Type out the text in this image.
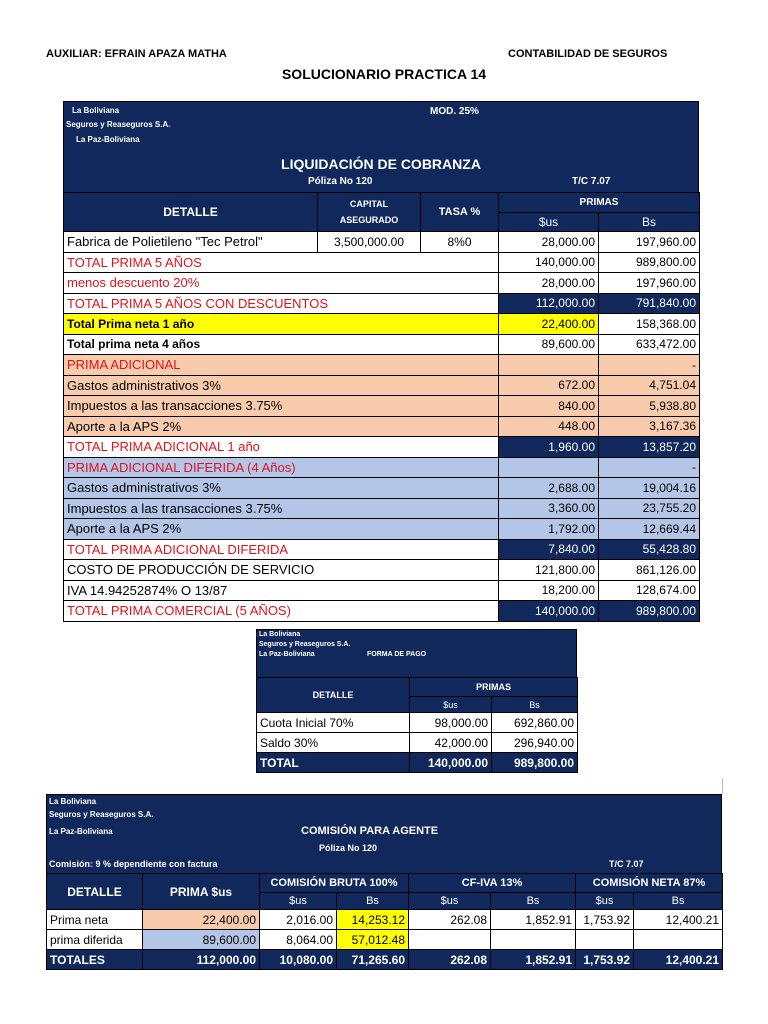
AUXILIAR: EFRAIN APAZA MATHA	CONTABILIDAD DE SEGUROS
SOLUCIONARIO PRACTICA 14
La Boliviana
Seguros y Reaseguros S.A.
La Paz-Boliviana
MOD. 25%
LIQUIDACIÓN DE COBRANZA
Póliza No 120	T/C 7.07
DETALLE	CAPITAL ASEGURADO	TASA %	PRIMAS	
			$us	Bs
Fabrica de Polietileno "Tec Petrol"	3,500,000.00	8%0	28,000.00	197,960.00
TOTAL PRIMA 5 AÑOS			140,000.00	989,800.00
menos descuento 20%			28,000.00	197,960.00
TOTAL PRIMA 5 AÑOS CON DESCUENTOS			112,000.00	791,840.00
Total Prima neta 1 año			22,400.00	158,368.00
Total prima neta 4 años			89,600.00	633,472.00
PRIMA ADICIONAL				-
Gastos administrativos 3%			672.00	4,751.04
Impuestos a las transacciones 3.75%			840.00	5,938.80
Aporte a la APS 2%			448.00	3,167.36
TOTAL PRIMA ADICIONAL 1 año			1,960.00	13,857.20
PRIMA ADICIONAL DIFERIDA (4 Años)				-
Gastos administrativos 3%			2,688.00	19,004.16
Impuestos a las transacciones 3.75%			3,360.00	23,755.20
Aporte a la APS 2%			1,792.00	12,669.44
TOTAL PRIMA ADICIONAL DIFERIDA			7,840.00	55,428.80
COSTO DE PRODUCCIÓN DE SERVICIO			121,800.00	861,126.00
IVA 14.94252874% O 13/87			18,200.00	128,674.00
TOTAL PRIMA COMERCIAL (5 AÑOS)			140,000.00	989,800.00
La Boliviana
Seguros y Reaseguros S.A.
La Paz-Boliviana	FORMA DE PAGO
DETALLE	PRIMAS	
	$us	Bs
Cuota Inicial 70%	98,000.00	692,860.00
Saldo 30%	42,000.00	296,940.00
TOTAL	140,000.00	989,800.00
La Boliviana
Seguros y Reaseguros S.A.
La Paz-Boliviana	COMISIÓN PARA AGENTE
Póliza No 120
Comisión: 9 % dependiente con factura	T/C 7.07
DETALLE	PRIMA $us	COMISIÓN BRUTA 100%		CF-IVA 13%		COMISIÓN NETA 87%	
		$us	Bs	$us	Bs	$us	Bs
Prima neta	22,400.00	2,016.00	14,253.12	262.08	1,852.91	1,753.92	12,400.21
prima diferida	89,600.00	8,064.00	57,012.48				
TOTALES	112,000.00	10,080.00	71,265.60	262.08	1,852.91	1,753.92	12,400.21
